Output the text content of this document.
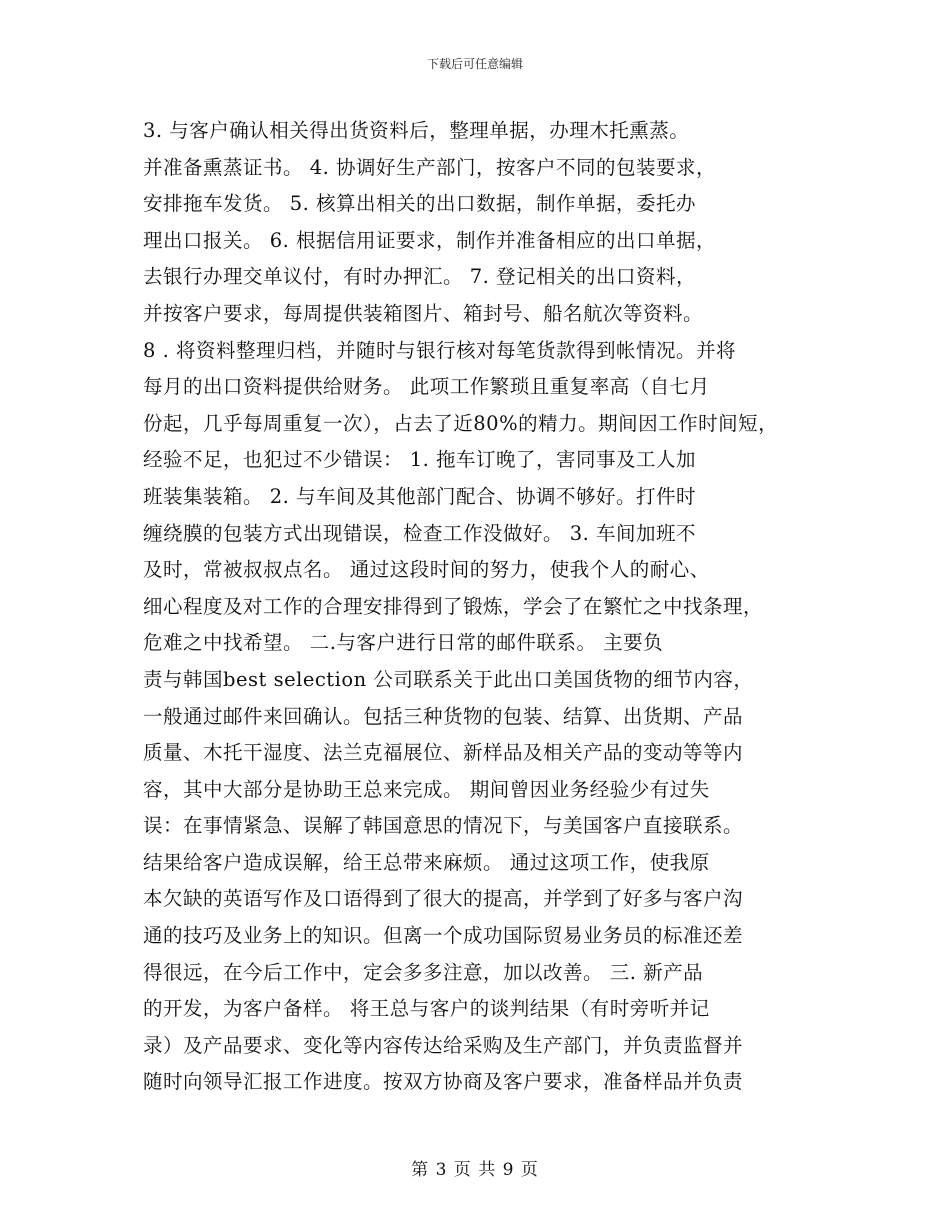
下载后可任意编辑
3. 与客户确认相关得出货资料后，整理单据，办理木托熏蒸。
并准备熏蒸证书。 4. 协调好生产部门，按客户不同的包装要求，
安排拖车发货。 5. 核算出相关的出口数据，制作单据，委托办
理出口报关。 6. 根据信用证要求，制作并准备相应的出口单据，
去银行办理交单议付，有时办押汇。 7. 登记相关的出口资料，
并按客户要求，每周提供装箱图片、箱封号、船名航次等资料。
8 . 将资料整理归档，并随时与银行核对每笔货款得到帐情况。并将
每月的出口资料提供给财务。 此项工作繁琐且重复率高（自七月
份起，几乎每周重复一次），占去了近80%的精力。期间因工作时间短，
经验不足，也犯过不少错误： 1. 拖车订晚了，害同事及工人加
班装集装箱。 2. 与车间及其他部门配合、协调不够好。打件时
缠绕膜的包装方式出现错误，检查工作没做好。 3. 车间加班不
及时，常被叔叔点名。 通过这段时间的努力，使我个人的耐心、
细心程度及对工作的合理安排得到了锻炼，学会了在繁忙之中找条理，
危难之中找希望。 二.与客户进行日常的邮件联系。 主要负
责与韩国best selection 公司联系关于此出口美国货物的细节内容，
一般通过邮件来回确认。包括三种货物的包装、结算、出货期、产品
质量、木托干湿度、法兰克福展位、新样品及相关产品的变动等等内
容，其中大部分是协助王总来完成。 期间曾因业务经验少有过失
误：在事情紧急、误解了韩国意思的情况下，与美国客户直接联系。
结果给客户造成误解，给王总带来麻烦。 通过这项工作，使我原
本欠缺的英语写作及口语得到了很大的提高，并学到了好多与客户沟
通的技巧及业务上的知识。但离一个成功国际贸易业务员的标准还差
得很远，在今后工作中，定会多多注意，加以改善。 三. 新产品
的开发，为客户备样。 将王总与客户的谈判结果（有时旁听并记
录）及产品要求、变化等内容传达给采购及生产部门，并负责监督并
随时向领导汇报工作进度。按双方协商及客户要求，准备样品并负责
第 3 页 共 9 页
